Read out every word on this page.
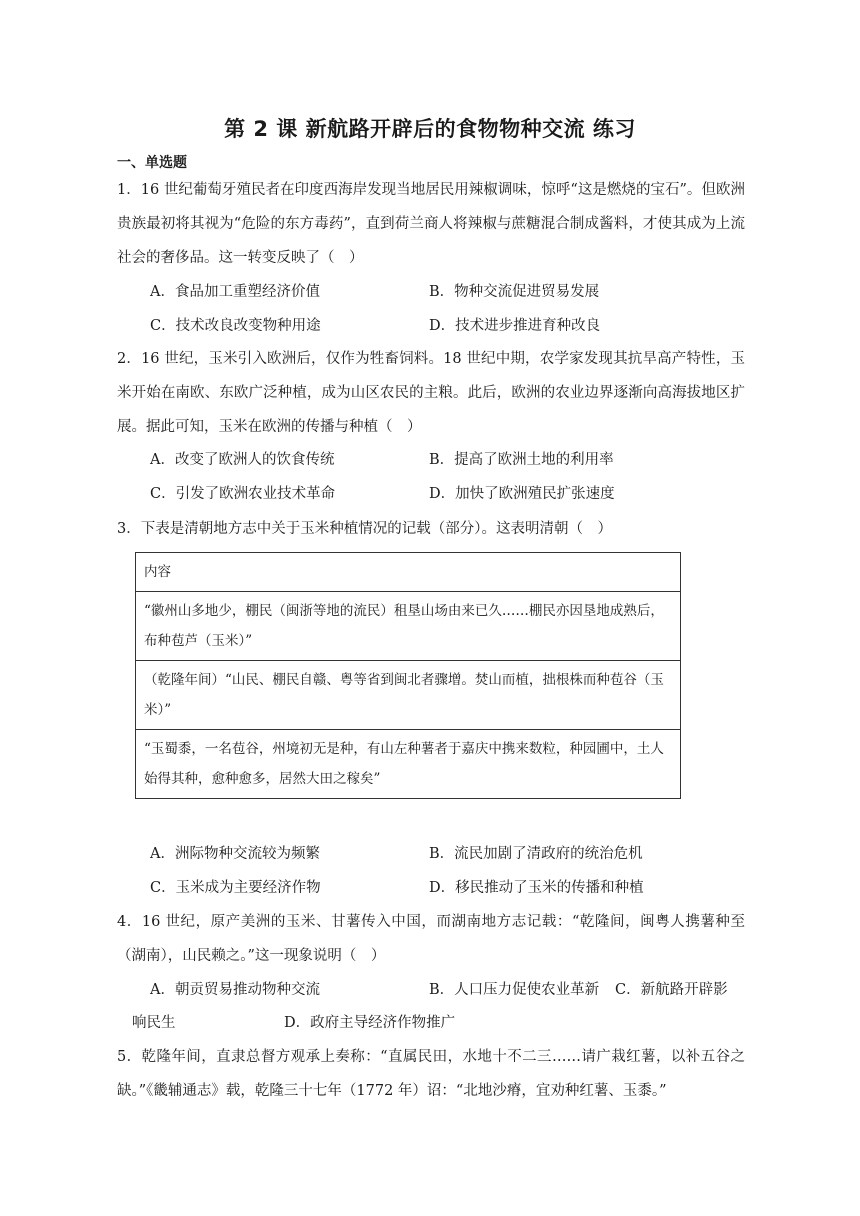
第 2 课 新航路开辟后的食物物种交流 练习
一、单选题
1．16 世纪葡萄牙殖民者在印度西海岸发现当地居民用辣椒调味，惊呼“这是燃烧的宝石”。但欧洲贵族最初将其视为“危险的东方毒药”，直到荷兰商人将辣椒与蔗糖混合制成酱料，才使其成为上流社会的奢侈品。这一转变反映了（　）
A．食品加工重塑经济价值	B．物种交流促进贸易发展
C．技术改良改变物种用途	D．技术进步推进育种改良
2．16 世纪，玉米引入欧洲后，仅作为牲畜饲料。18 世纪中期，农学家发现其抗旱高产特性，玉米开始在南欧、东欧广泛种植，成为山区农民的主粮。此后，欧洲的农业边界逐渐向高海拔地区扩展。据此可知，玉米在欧洲的传播与种植（　）
A．改变了欧洲人的饮食传统	B．提高了欧洲土地的利用率
C．引发了欧洲农业技术革命	D．加快了欧洲殖民扩张速度
3．下表是清朝地方志中关于玉米种植情况的记载（部分）。这表明清朝（　）
内容
“徽州山多地少，棚民（闽浙等地的流民）租垦山场由来已久……棚民亦因垦地成熟后，布种苞芦（玉米）”
（乾隆年间）“山民、棚民自赣、粤等省到闽北者骤增。焚山而植，拙根株而种苞谷（玉米）”
“玉蜀黍，一名苞谷，州境初无是种，有山左种薯者于嘉庆中携来数粒，种园圃中，土人始得其种，愈种愈多，居然大田之稼矣”
A．洲际物种交流较为频繁	B．流民加剧了清政府的统治危机
C．玉米成为主要经济作物	D．移民推动了玉米的传播和种植
4．16 世纪，原产美洲的玉米、甘薯传入中国，而湖南地方志记载：“乾隆间，闽粤人携薯种至（湖南），山民赖之。”这一现象说明（　）
A．朝贡贸易推动物种交流	B．人口压力促使农业革新 C．新航路开辟影
响民生	D．政府主导经济作物推广
5．乾隆年间，直隶总督方观承上奏称：“直属民田，水地十不二三……请广栽红薯，以补五谷之缺。”《畿辅通志》载，乾隆三十七年（1772 年）诏：“北地沙瘠，宜劝种红薯、玉黍。”
